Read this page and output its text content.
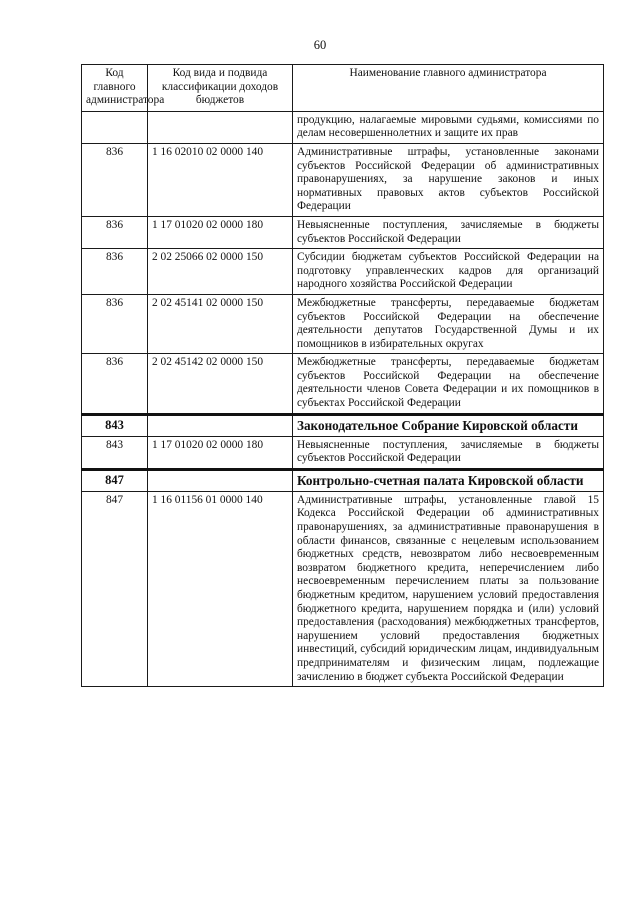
60
Код главного администратора	Код вида и подвида классификации доходов бюджетов	Наименование главного администратора
		продукцию, налагаемые мировыми судьями, комиссиями по делам несовершеннолетних и защите их прав
836	1 16 02010 02 0000 140	Административные штрафы, установленные законами субъектов Российской Федерации об административных правонарушениях, за нарушение законов и иных нормативных правовых актов субъектов Российской Федерации
836	1 17 01020 02 0000 180	Невыясненные поступления, зачисляемые в бюджеты субъектов Российской Федерации
836	2 02 25066 02 0000 150	Субсидии бюджетам субъектов Российской Федерации на подготовку управленческих кадров для организаций народного хозяйства Российской Федерации
836	2 02 45141 02 0000 150	Межбюджетные трансферты, передаваемые бюджетам субъектов Российской Федерации на обеспечение деятельности депутатов Государственной Думы и их помощников в избирательных округах
836	2 02 45142 02 0000 150	Межбюджетные трансферты, передаваемые бюджетам субъектов Российской Федерации на обеспечение деятельности членов Совета Федерации и их помощников в субъектах Российской Федерации
843		Законодательное Собрание Кировской области
843	1 17 01020 02 0000 180	Невыясненные поступления, зачисляемые в бюджеты субъектов Российской Федерации
847		Контрольно-счетная палата Кировской области
847	1 16 01156 01 0000 140	Административные штрафы, установленные главой 15 Кодекса Российской Федерации об административных правонарушениях, за административные правонарушения в области финансов, связанные с нецелевым использованием бюджетных средств, невозвратом либо несвоевременным возвратом бюджетного кредита, неперечислением либо несвоевременным перечислением платы за пользование бюджетным кредитом, нарушением условий предоставления бюджетного кредита, нарушением порядка и (или) условий предоставления (расходования) межбюджетных трансфертов, нарушением условий предоставления бюджетных инвестиций, субсидий юридическим лицам, индивидуальным предпринимателям и физическим лицам, подлежащие зачислению в бюджет субъекта Российской Федерации
